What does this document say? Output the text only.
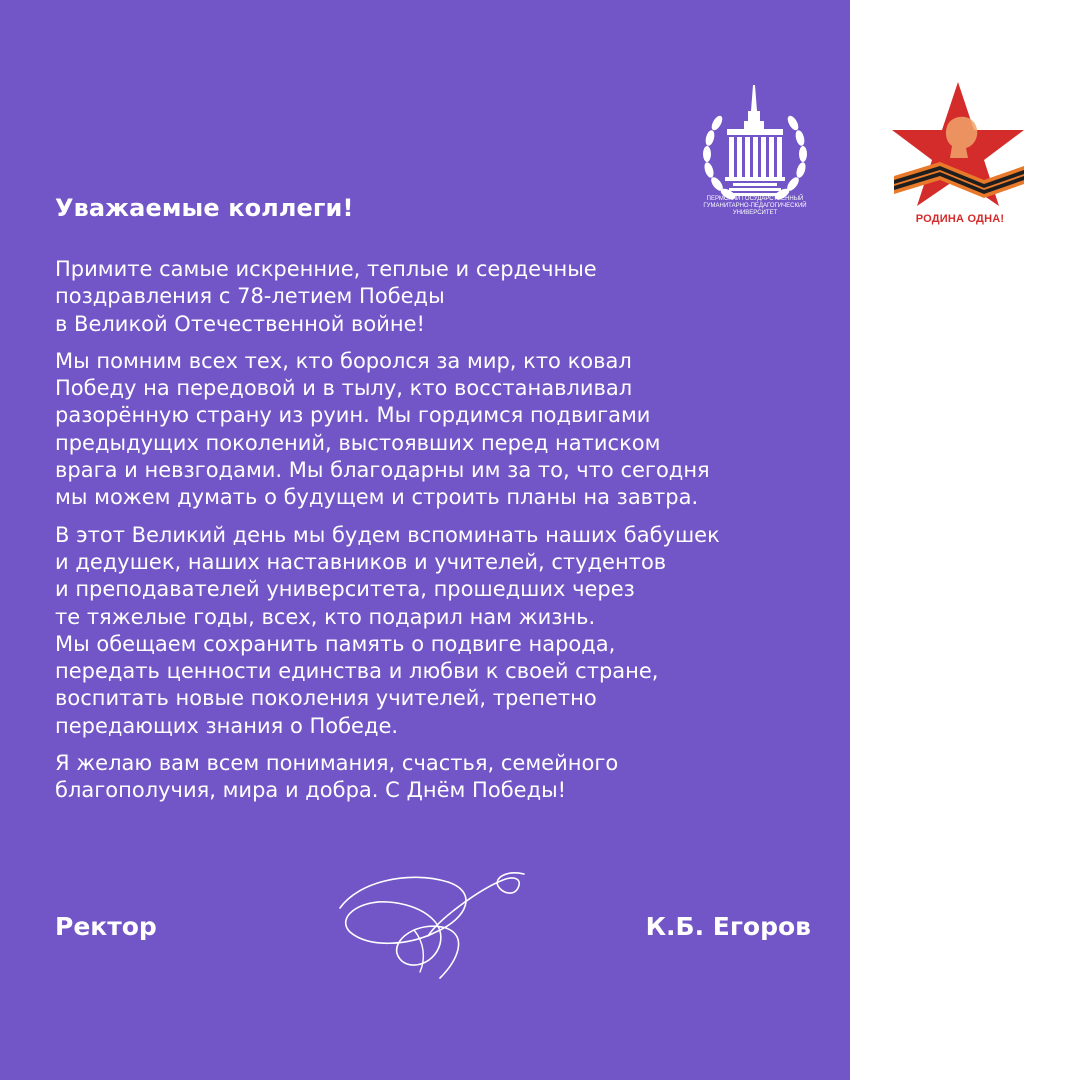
Уважаемые коллеги!

Примите самые искренние, теплые и сердечные
поздравления с 78-летием Победы
в Великой Отечественной войне!

Мы помним всех тех, кто боролся за мир, кто ковал
Победу на передовой и в тылу, кто восстанавливал
разорённую страну из руин. Мы гордимся подвигами
предыдущих поколений, выстоявших перед натиском
врага и невзгодами. Мы благодарны им за то, что сегодня
мы можем думать о будущем и строить планы на завтра.

В этот Великий день мы будем вспоминать наших бабушек
и дедушек, наших наставников и учителей, студентов
и преподавателей университета, прошедших через
те тяжелые годы, всех, кто подарил нам жизнь.
Мы обещаем сохранить память о подвиге народа,
передать ценности единства и любви к своей стране,
воспитать новые поколения учителей, трепетно
передающих знания о Победе.

Я желаю вам всем понимания, счастья, семейного
благополучия, мира и добра. С Днём Победы!

Ректор	К.Б. Егоров
ПЕРМСКИЙ ГОСУДАРСТВЕННЫЙ
ГУМАНИТАРНО-ПЕДАГОГИЧЕСКИЙ
УНИВЕРСИТЕТ	РОДИНА ОДНА!
